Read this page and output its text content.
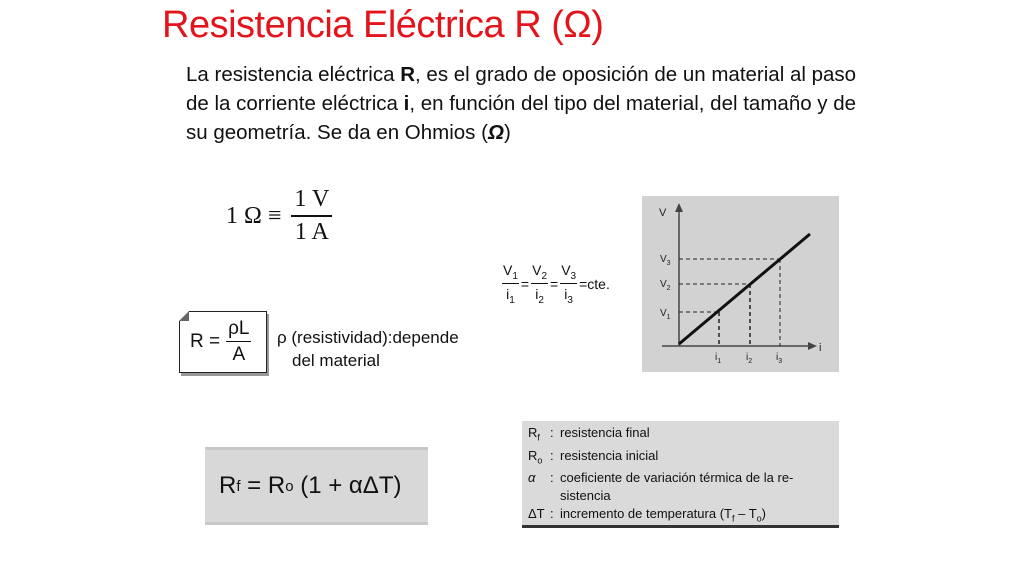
Resistencia Eléctrica R (Ω)
La resistencia eléctrica R, es el grado de oposición de un material al paso de la corriente eléctrica i, en función del tipo del material, del tamaño y de su geometría. Se da en Ohmios (Ω)
1 $\Omega \equiv \frac{1 V}{1 A}$
$\frac{V_1}{i_1} = \frac{V_2}{i_2} = \frac{V_3}{i_3} =cte$.
$R = \frac{\rho L}{A}$ ρ (resistividad):depende
del material
V
i
$V_3$
$V_2$
$V_1$
$i_1$ $i_2$ $i_3$
R f = R o (1 + αΔT)
$R_f$ : resistencia final
$R_o$ : resistencia inicial
α	: coeficiente de variación térmica de la re-
sistencia
ΔT : incremento de temperatura $(T_f - T_o)$
